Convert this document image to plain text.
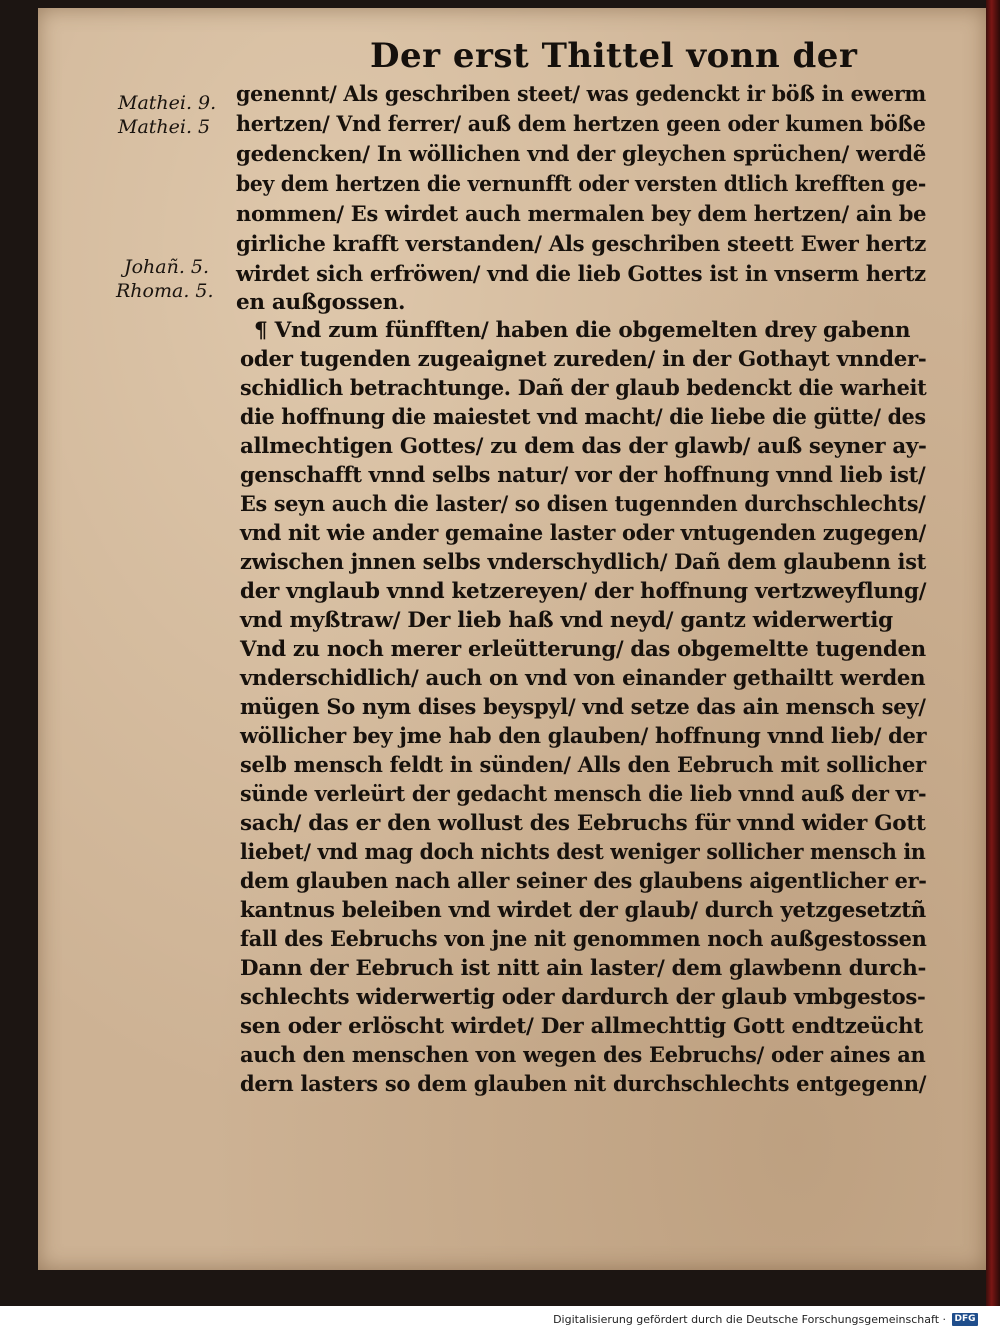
Der erst Thittel vonn der
Mathei. 9.
Mathei. 5
Johañ. 5.
Rhoma. 5.
genennt/ Als geschriben steet/ was gedenckt ir böß in ewerm
hertzen/ Vnd ferrer/ auß dem hertzen geen oder kumen böße
gedencken/ In wöllichen vnd der gleychen sprüchen/ werdẽ
bey dem hertzen die vernunfft oder versten dtlich krefften ge-
nommen/ Es wirdet auch mermalen bey dem hertzen/ ain be
girliche krafft verstanden/ Als geschriben steett Ewer hertz
wirdet sich erfröwen/ vnd die lieb Gottes ist in vnserm hertz
en außgossen.
¶ Vnd zum fünfften/ haben die obgemelten drey gabenn
oder tugenden zugeaignet zureden/ in der Gothayt vnnder-
schidlich betrachtunge. Dañ der glaub bedenckt die warheit
die hoffnung die maiestet vnd macht/ die liebe die gütte/ des
allmechtigen Gottes/ zu dem das der glawb/ auß seyner ay-
genschafft vnnd selbs natur/ vor der hoffnung vnnd lieb ist/
Es seyn auch die laster/ so disen tugennden durchschlechts/
vnd nit wie ander gemaine laster oder vntugenden zugegen/
zwischen jnnen selbs vnderschydlich/ Dañ dem glaubenn ist
der vnglaub vnnd ketzereyen/ der hoffnung vertzweyflung/
vnd myßtraw/ Der lieb haß vnd neyd/ gantz widerwertig
Vnd zu noch merer erleütterung/ das obgemeltte tugenden
vnderschidlich/ auch on vnd von einander gethailtt werden
mügen So nym dises beyspyl/ vnd setze das ain mensch sey/
wöllicher bey jme hab den glauben/ hoffnung vnnd lieb/ der
selb mensch feldt in sünden/ Alls den Eebruch mit sollicher
sünde verleürt der gedacht mensch die lieb vnnd auß der vr-
sach/ das er den wollust des Eebruchs für vnnd wider Gott
liebet/ vnd mag doch nichts dest weniger sollicher mensch in
dem glauben nach aller seiner des glaubens aigentlicher er-
kantnus beleiben vnd wirdet der glaub/ durch yetzgesetztñ
fall des Eebruchs von jne nit genommen noch außgestossen
Dann der Eebruch ist nitt ain laster/ dem glawbenn durch-
schlechts widerwertig oder dardurch der glaub vmbgestos-
sen oder erlöscht wirdet/ Der allmechttig Gott endtzeücht
auch den menschen von wegen des Eebruchs/ oder aines an
dern lasters so dem glauben nit durchschlechts entgegenn/
Digitalisierung gefördert durch die Deutsche Forschungsgemeinschaft · DFG
